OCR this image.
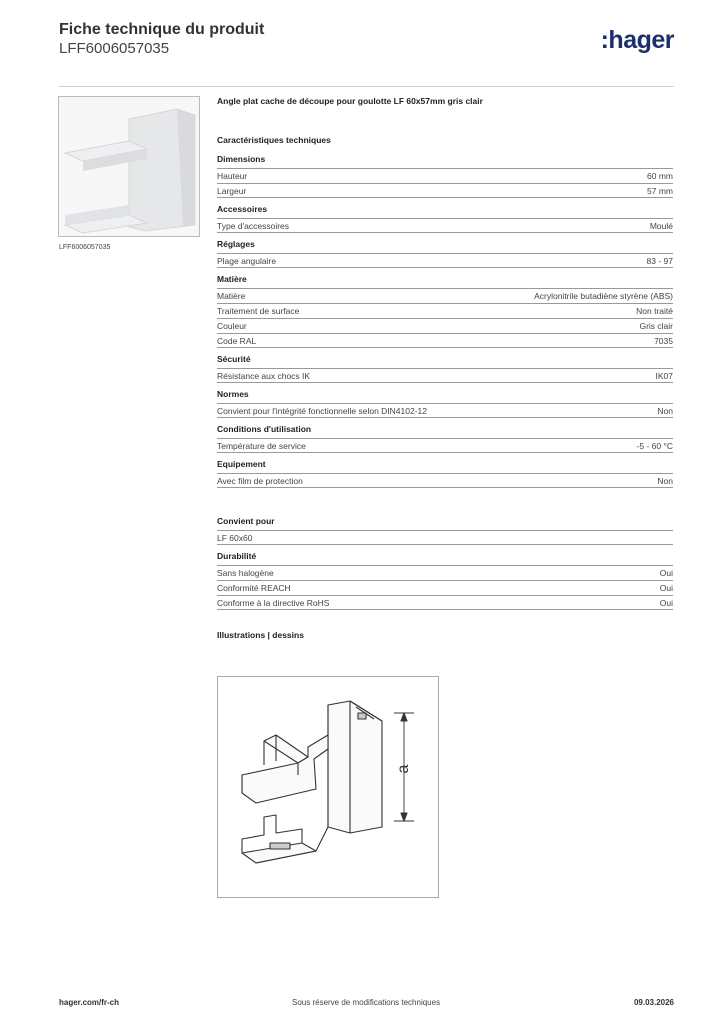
Fiche technique du produit
LFF6006057035	:hager
LFF6006057035
Angle plat cache de découpe pour goulotte LF 60x57mm gris clair
Caractéristiques techniques
Dimensions
Hauteur	60 mm
Largeur	57 mm
Accessoires
Type d'accessoires	Moulé
Réglages
Plage angulaire	83 - 97
Matière
Matière	Acrylonitrile butadiène styrène (ABS)
Traitement de surface	Non traité
Couleur	Gris clair
Code RAL	7035
Sécurité
Résistance aux chocs IK	IK07
Normes
Convient pour l'intégrité fonctionnelle selon DIN4102-12	Non
Conditions d'utilisation
Température de service	-5 - 60 °C
Equipement
Avec film de protection	Non
Convient pour
LF 60x60
Durabilité
Sans halogène	Oui
Conformité REACH	Oui
Conforme à la directive RoHS	Oui
Illustrations | dessins
a
hager.com/fr-ch	Sous réserve de modifications techniques	09.03.2026
